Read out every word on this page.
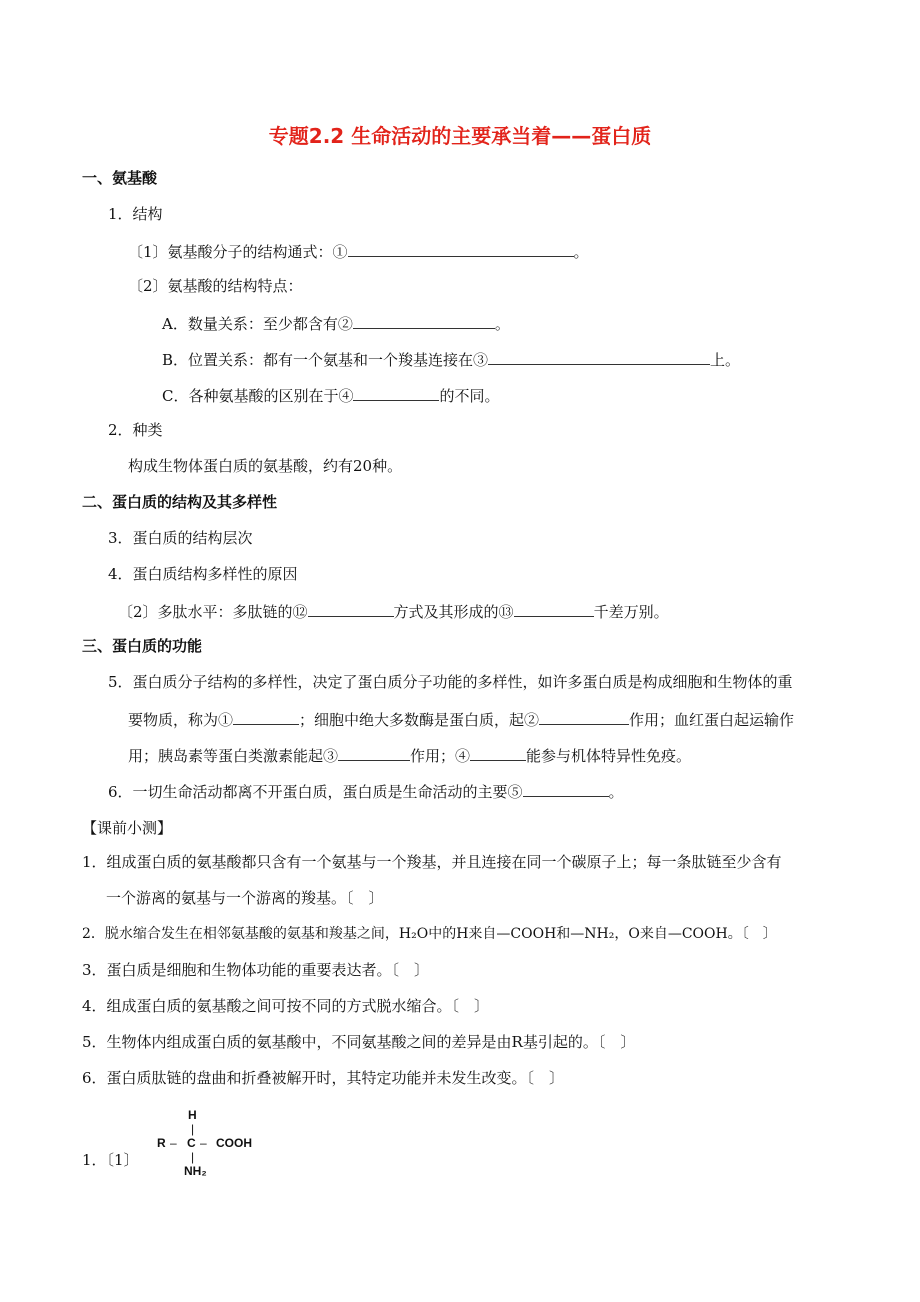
专题2.2 生命活动的主要承当着——蛋白质
一、氨基酸
1．结构
〔1〕氨基酸分子的结构通式：①	。
〔2〕氨基酸的结构特点：
A．数量关系：至少都含有②	。
B．位置关系：都有一个氨基和一个羧基连接在③	上。
C．各种氨基酸的区别在于④	的不同。
2．种类
构成生物体蛋白质的氨基酸，约有20种。
二、蛋白质的结构及其多样性
3．蛋白质的结构层次
4．蛋白质结构多样性的原因
〔2〕多肽水平：多肽链的⑫	方式及其形成的⑬	千差万别。
三、蛋白质的功能
5．蛋白质分子结构的多样性，决定了蛋白质分子功能的多样性，如许多蛋白质是构成细胞和生物体的重
要物质，称为①	；细胞中绝大多数酶是蛋白质，起②	作用；血红蛋白起运输作
用；胰岛素等蛋白类激素能起③	作用；④	能参与机体特异性免疫。
6．一切生命活动都离不开蛋白质，蛋白质是生命活动的主要⑤	。
【课前小测】
1．组成蛋白质的氨基酸都只含有一个氨基与一个羧基，并且连接在同一个碳原子上；每一条肽链至少含有
一个游离的氨基与一个游离的羧基。〔　〕
2．脱水缩合发生在相邻氨基酸的氨基和羧基之间，H₂O中的H来自—COOH和—NH₂，O来自—COOH。〔　〕
3．蛋白质是细胞和生物体功能的重要表达者。〔　〕
4．组成蛋白质的氨基酸之间可按不同的方式脱水缩合。〔　〕
5．生物体内组成蛋白质的氨基酸中，不同氨基酸之间的差异是由R基引起的。〔　〕
6．蛋白质肽链的盘曲和折叠被解开时，其特定功能并未发生改变。〔　〕
1．〔1〕
H
|
R – C – COOH
|
NH₂
